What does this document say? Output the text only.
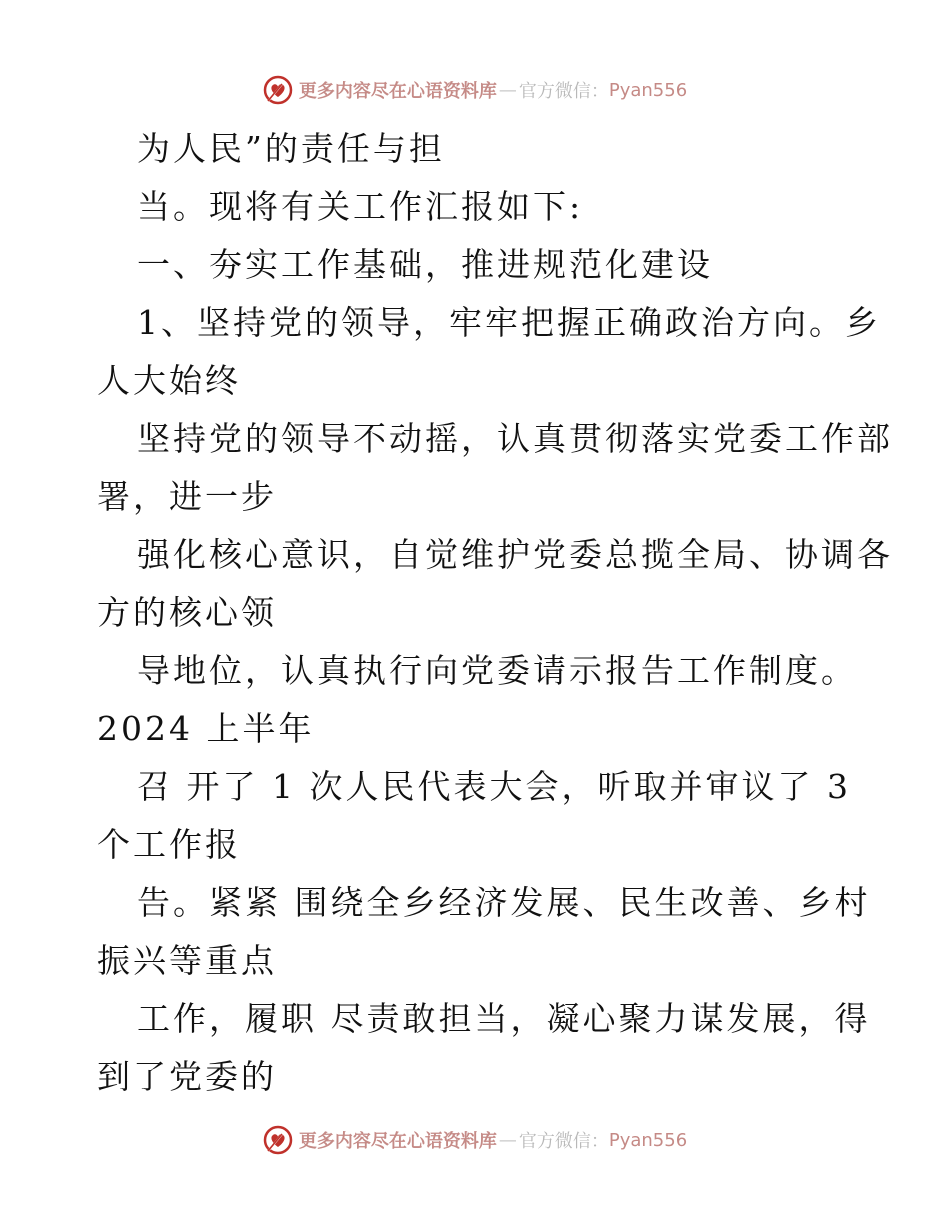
更多内容尽在心语资料库 — 官方微信： Pyan556
为人民”的责任与担
当。现将有关工作汇报如下:
一、夯实工作基础，推进规范化建设
1、坚持党的领导，牢牢把握正确政治方向。乡
人大始终
坚持党的领导不动摇，认真贯彻落实党委工作部
署，进一步
强化核心意识，自觉维护党委总揽全局、协调各
方的核心领
导地位，认真执行向党委请示报告工作制度。
2024 上半年
召 开了 1 次人民代表大会，听取并审议了 3
个工作报
告。紧紧 围绕全乡经济发展、民生改善、乡村
振兴等重点
工作，履职 尽责敢担当，凝心聚力谋发展，得
到了党委的
更多内容尽在心语资料库 — 官方微信： Pyan556
